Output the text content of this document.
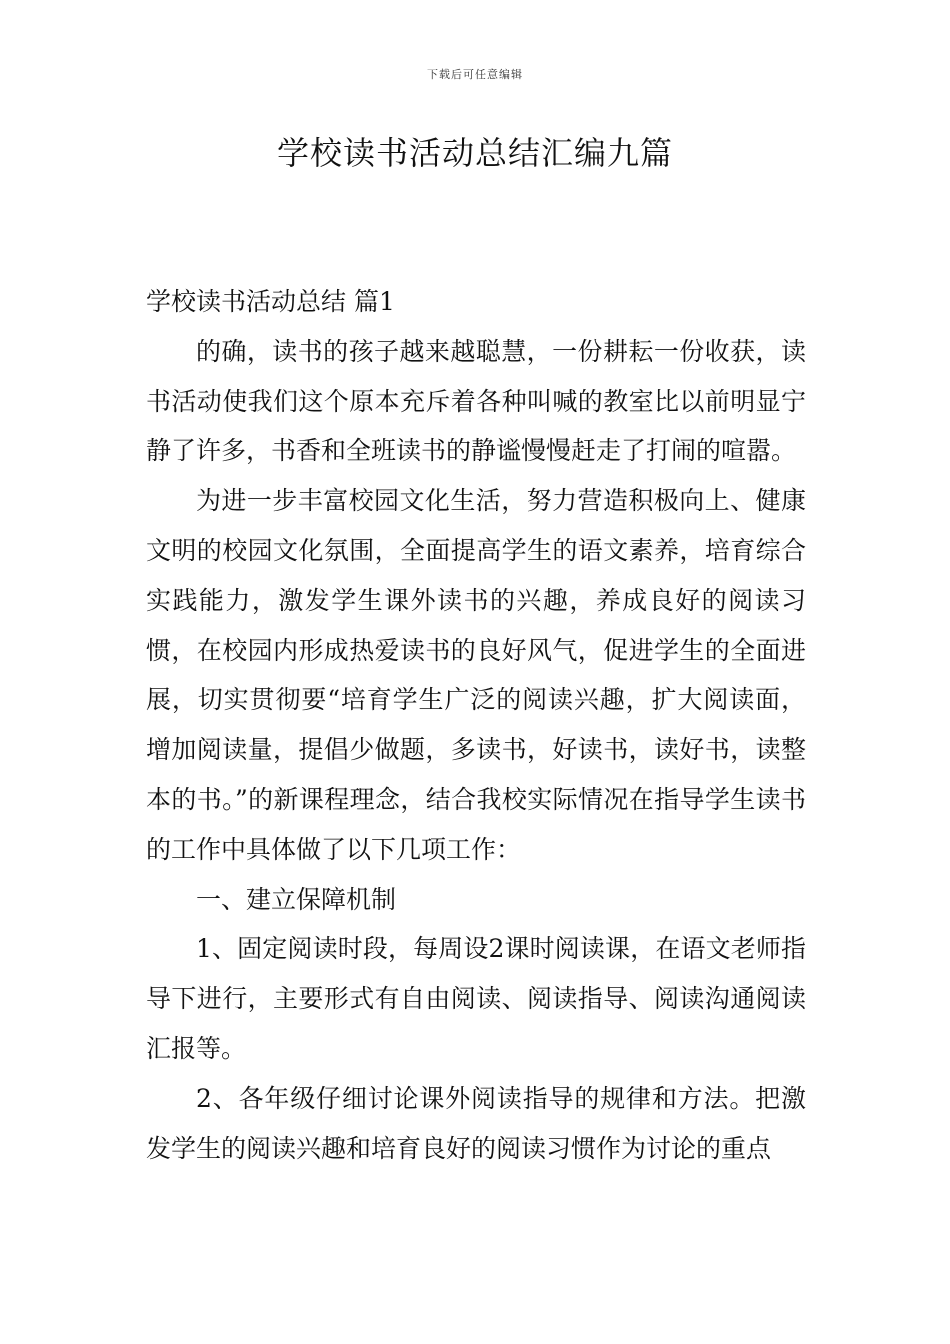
下载后可任意编辑
学校读书活动总结汇编九篇

学校读书活动总结 篇1

的确，读书的孩子越来越聪慧，一份耕耘一份收获，读书活动使我们这个原本充斥着各种叫喊的教室比以前明显宁静了许多，书香和全班读书的静谧慢慢赶走了打闹的喧嚣。

为进一步丰富校园文化生活，努力营造积极向上、健康文明的校园文化氛围，全面提高学生的语文素养，培育综合实践能力，激发学生课外读书的兴趣，养成良好的阅读习惯，在校园内形成热爱读书的良好风气，促进学生的全面进展，切实贯彻要“培育学生广泛的阅读兴趣，扩大阅读面，增加阅读量，提倡少做题，多读书，好读书，读好书，读整本的书。”的新课程理念，结合我校实际情况在指导学生读书的工作中具体做了以下几项工作：

一、建立保障机制

1、固定阅读时段，每周设2课时阅读课，在语文老师指导下进行，主要形式有自由阅读、阅读指导、阅读沟通阅读汇报等。

2、各年级仔细讨论课外阅读指导的规律和方法。把激发学生的阅读兴趣和培育良好的阅读习惯作为讨论的重点
